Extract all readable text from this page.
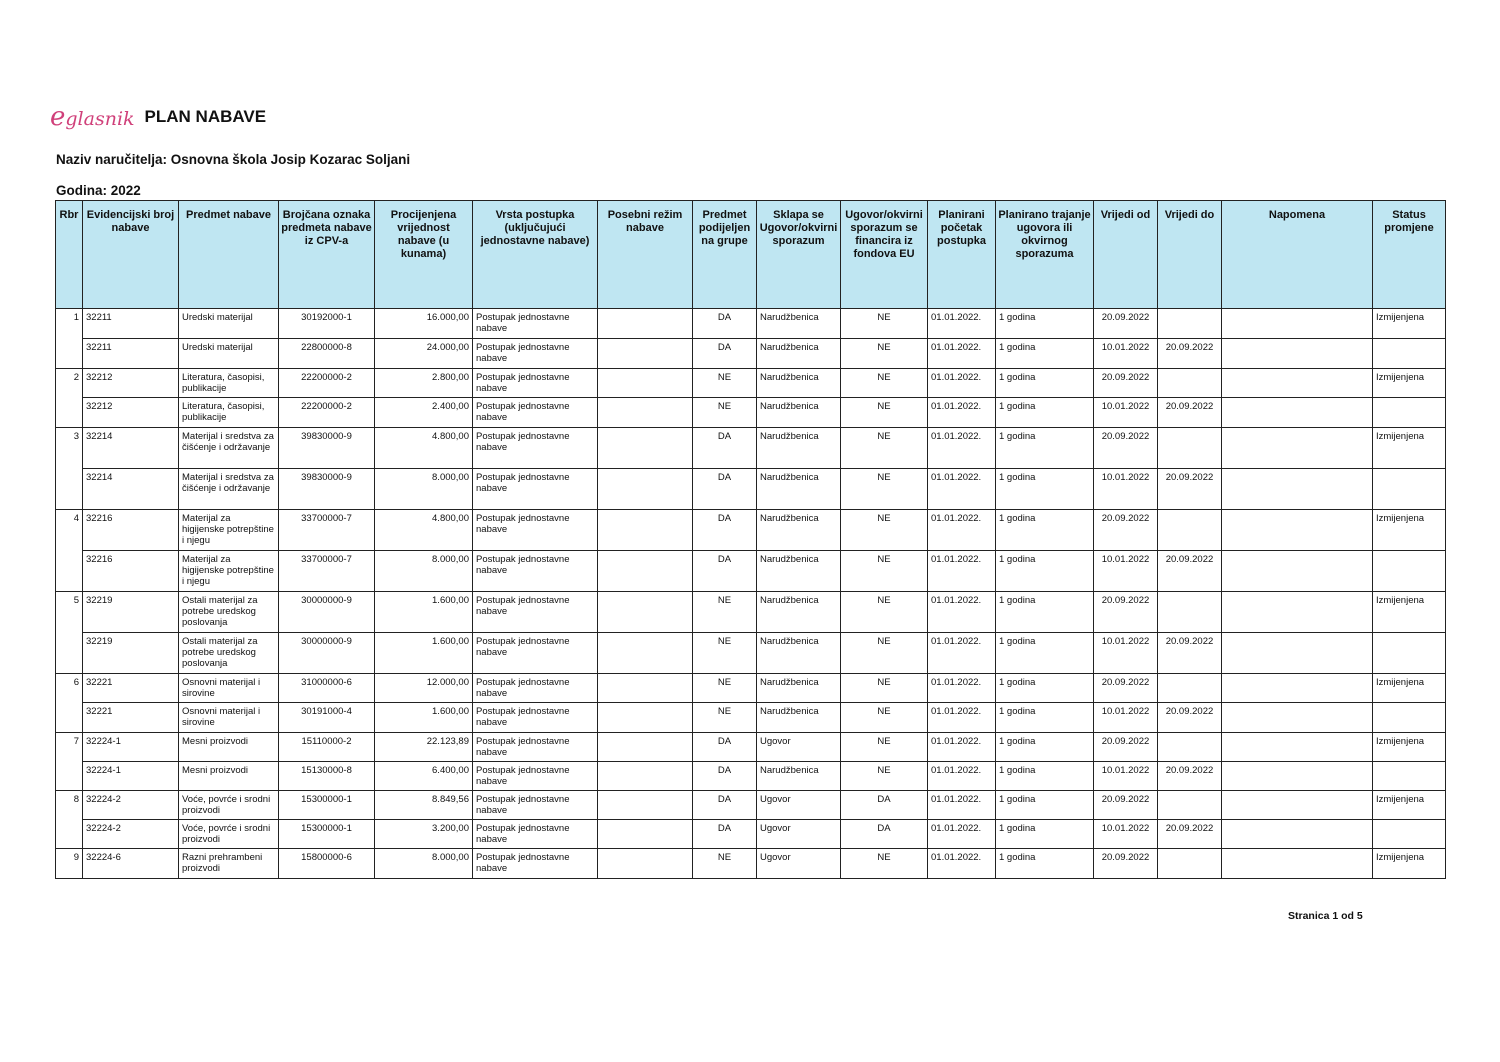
eglasnik PLAN NABAVE
Naziv naručitelja: Osnovna škola Josip Kozarac Soljani
Godina: 2022
Rbr	Evidencijski broj nabave	Predmet nabave	Brojčana oznaka predmeta nabave iz CPV-a	Procijenjena vrijednost nabave (u kunama)	Vrsta postupka (uključujući jednostavne nabave)	Posebni režim nabave	Predmet podijeljen na grupe	Sklapa se Ugovor/okvirni sporazum	Ugovor/okvirni sporazum se financira iz fondova EU	Planirani početak postupka	Planirano trajanje ugovora ili okvirnog sporazuma	Vrijedi od	Vrijedi do	Napomena	Status promjene
1	32211	Uredski materijal	30192000-1	16.000,00	Postupak jednostavne nabave		DA	Narudžbenica	NE	01.01.2022.	1 godina	20.09.2022			Izmijenjena
	32211	Uredski materijal	22800000-8	24.000,00	Postupak jednostavne nabave		DA	Narudžbenica	NE	01.01.2022.	1 godina	10.01.2022	20.09.2022		
2	32212	Literatura, časopisi, publikacije	22200000-2	2.800,00	Postupak jednostavne nabave		NE	Narudžbenica	NE	01.01.2022.	1 godina	20.09.2022			Izmijenjena
	32212	Literatura, časopisi, publikacije	22200000-2	2.400,00	Postupak jednostavne nabave		NE	Narudžbenica	NE	01.01.2022.	1 godina	10.01.2022	20.09.2022		
3	32214	Materijal i sredstva za čišćenje i održavanje	39830000-9	4.800,00	Postupak jednostavne nabave		DA	Narudžbenica	NE	01.01.2022.	1 godina	20.09.2022			Izmijenjena
	32214	Materijal i sredstva za čišćenje i održavanje	39830000-9	8.000,00	Postupak jednostavne nabave		DA	Narudžbenica	NE	01.01.2022.	1 godina	10.01.2022	20.09.2022		
4	32216	Materijal za higijenske potrepštine i njegu	33700000-7	4.800,00	Postupak jednostavne nabave		DA	Narudžbenica	NE	01.01.2022.	1 godina	20.09.2022			Izmijenjena
	32216	Materijal za higijenske potrepštine i njegu	33700000-7	8.000,00	Postupak jednostavne nabave		DA	Narudžbenica	NE	01.01.2022.	1 godina	10.01.2022	20.09.2022		
5	32219	Ostali materijal za potrebe uredskog poslovanja	30000000-9	1.600,00	Postupak jednostavne nabave		NE	Narudžbenica	NE	01.01.2022.	1 godina	20.09.2022			Izmijenjena
	32219	Ostali materijal za potrebe uredskog poslovanja	30000000-9	1.600,00	Postupak jednostavne nabave		NE	Narudžbenica	NE	01.01.2022.	1 godina	10.01.2022	20.09.2022		
6	32221	Osnovni materijal i sirovine	31000000-6	12.000,00	Postupak jednostavne nabave		NE	Narudžbenica	NE	01.01.2022.	1 godina	20.09.2022			Izmijenjena
	32221	Osnovni materijal i sirovine	30191000-4	1.600,00	Postupak jednostavne nabave		NE	Narudžbenica	NE	01.01.2022.	1 godina	10.01.2022	20.09.2022		
7	32224-1	Mesni proizvodi	15110000-2	22.123,89	Postupak jednostavne nabave		DA	Ugovor	NE	01.01.2022.	1 godina	20.09.2022			Izmijenjena
	32224-1	Mesni proizvodi	15130000-8	6.400,00	Postupak jednostavne nabave		DA	Narudžbenica	NE	01.01.2022.	1 godina	10.01.2022	20.09.2022		
8	32224-2	Voće, povrće i srodni proizvodi	15300000-1	8.849,56	Postupak jednostavne nabave		DA	Ugovor	DA	01.01.2022.	1 godina	20.09.2022			Izmijenjena
	32224-2	Voće, povrće i srodni proizvodi	15300000-1	3.200,00	Postupak jednostavne nabave		DA	Ugovor	DA	01.01.2022.	1 godina	10.01.2022	20.09.2022		
9	32224-6	Razni prehrambeni proizvodi	15800000-6	8.000,00	Postupak jednostavne nabave		NE	Ugovor	NE	01.01.2022.	1 godina	20.09.2022			Izmijenjena
Stranica 1 od 5
